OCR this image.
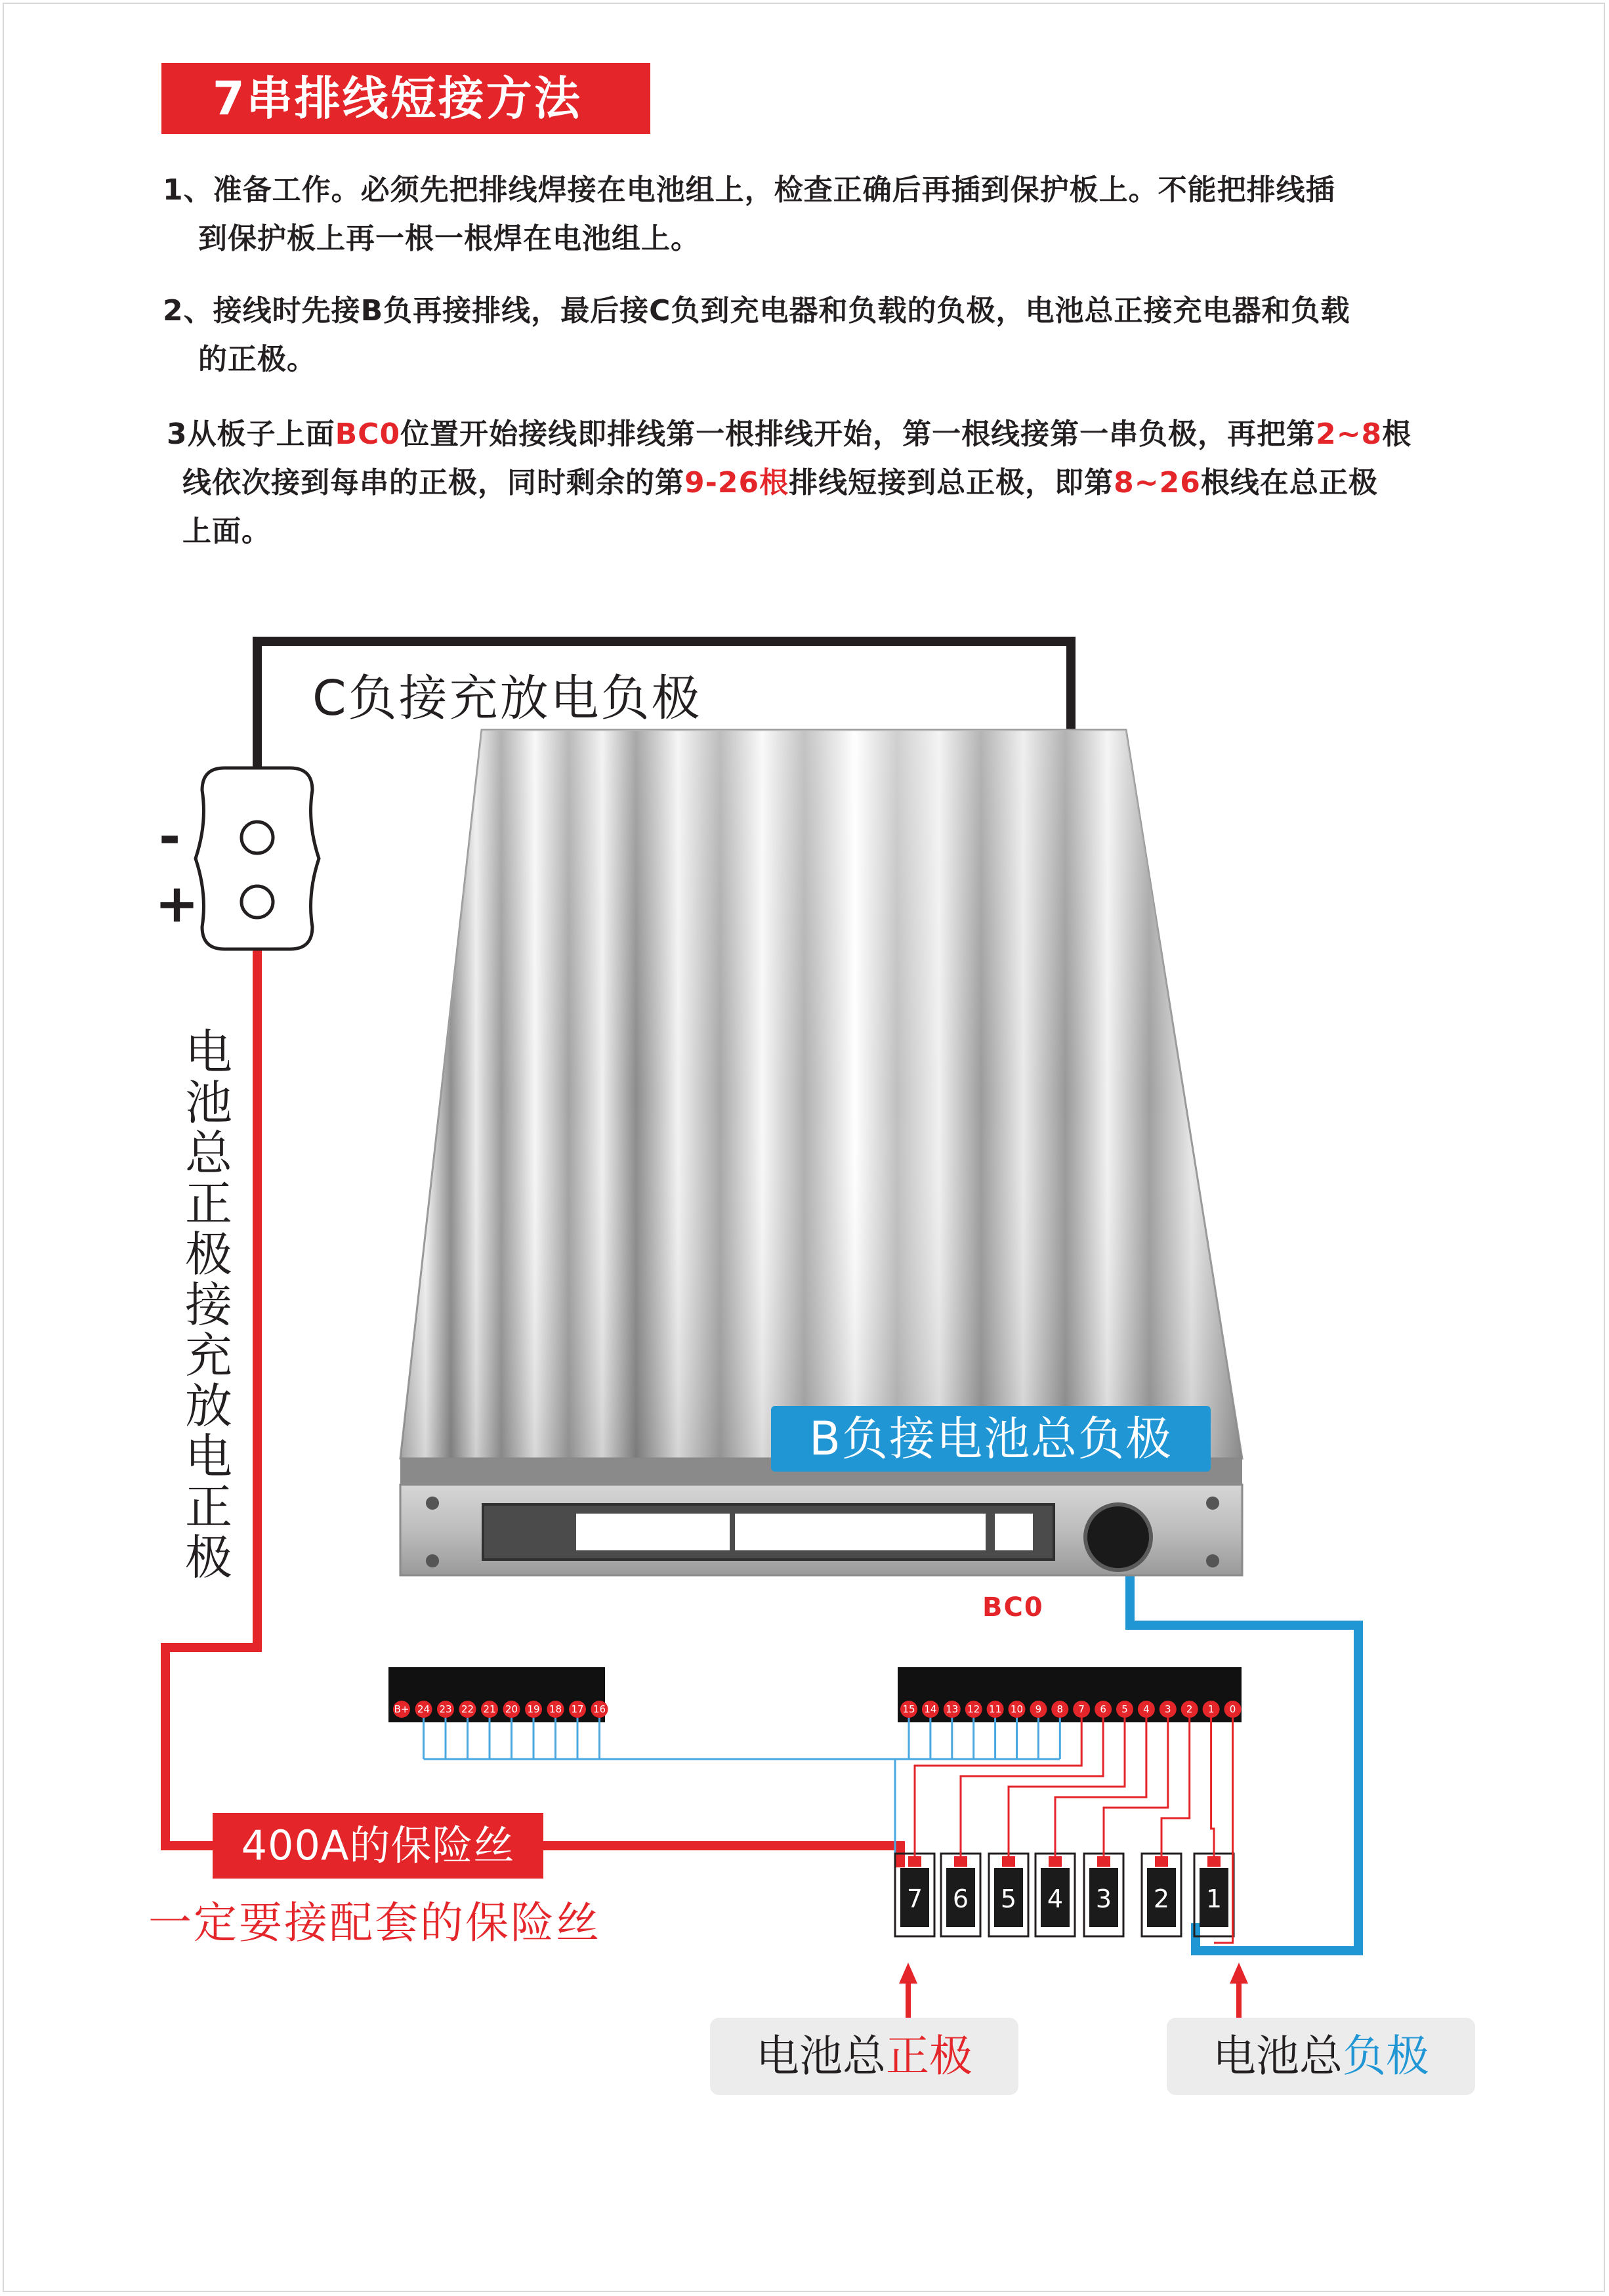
7串排线短接方法
1、准备工作。必须先把排线焊接在电池组上，检查正确后再插到保护板上。不能把排线插
到保护板上再一根一根焊在电池组上。
2、接线时先接B负再接排线，最后接C负到充电器和负载的负极，电池总正接充电器和负载
的正极。
3从板子上面BC0位置开始接线即排线第一根排线开始，第一根线接第一串负极，再把第2~8根
线依次接到每串的正极，同时剩余的第9-26根排线短接到总正极，即第8~26根线在总正极
上面。
B+ 24 23 22 21 20 19 18 17 16	15 14 13 12 11 10 9 8 7 6 5 4 3 2 1 0
7 6 5 4 3 2 1
C负接充放电负极
-
+
电池总正极接充放电正极
B负接电池总负极
BC0
400A的保险丝
一定要接配套的保险丝
电池总正极	电池总负极
